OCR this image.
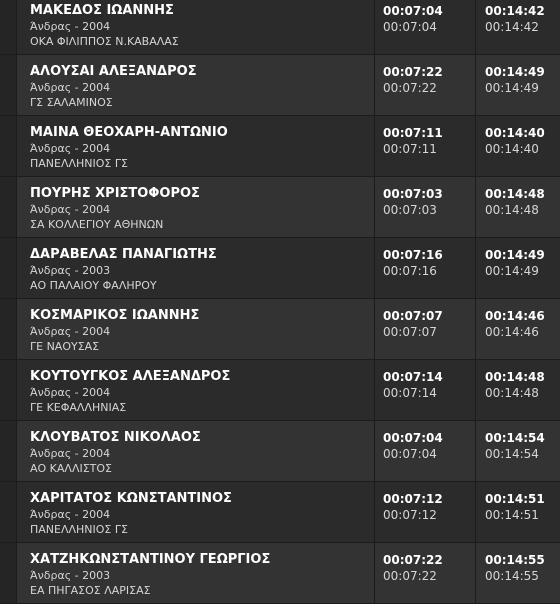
ΜΑΚΕΔΟΣ ΙΩΑΝΝΗΣ
Άνδρας - 2004
ΟΚΑ ΦΙΛΙΠΠΟΣ Ν.ΚΑΒΑΛΑΣ
00:07:04
00:07:04
00:14:42
00:14:42
ΑΛΟΥΣΑΙ ΑΛΕΞΑΝΔΡΟΣ
Άνδρας - 2004
ΓΣ ΣΑΛΑΜΙΝΟΣ
00:07:22
00:07:22
00:14:49
00:14:49
ΜΑΙΝΑ ΘΕΟΧΑΡΗ-ΑΝΤΩΝΙΟ
Άνδρας - 2004
ΠΑΝΕΛΛΗΝΙΟΣ ΓΣ
00:07:11
00:07:11
00:14:40
00:14:40
ΠΟΥΡΗΣ ΧΡΙΣΤΟΦΟΡΟΣ
Άνδρας - 2004
ΣΑ ΚΟΛΛΕΓΙΟΥ ΑΘΗΝΩΝ
00:07:03
00:07:03
00:14:48
00:14:48
ΔΑΡΑΒΕΛΑΣ ΠΑΝΑΓΙΩΤΗΣ
Άνδρας - 2003
ΑΟ ΠΑΛΑΙΟΥ ΦΑΛΗΡΟΥ
00:07:16
00:07:16
00:14:49
00:14:49
ΚΟΣΜΑΡΙΚΟΣ ΙΩΑΝΝΗΣ
Άνδρας - 2004
ΓΕ ΝΑΟΥΣΑΣ
00:07:07
00:07:07
00:14:46
00:14:46
ΚΟΥΤΟΥΓΚΟΣ ΑΛΕΞΑΝΔΡΟΣ
Άνδρας - 2004
ΓΕ ΚΕΦΑΛΛΗΝΙΑΣ
00:07:14
00:07:14
00:14:48
00:14:48
ΚΛΟΥΒΑΤΟΣ ΝΙΚΟΛΑΟΣ
Άνδρας - 2004
ΑΟ ΚΑΛΛΙΣΤΟΣ
00:07:04
00:07:04
00:14:54
00:14:54
ΧΑΡΙΤΑΤΟΣ ΚΩΝΣΤΑΝΤΙΝΟΣ
Άνδρας - 2004
ΠΑΝΕΛΛΗΝΙΟΣ ΓΣ
00:07:12
00:07:12
00:14:51
00:14:51
ΧΑΤΖΗΚΩΝΣΤΑΝΤΙΝΟΥ ΓΕΩΡΓΙΟΣ
Άνδρας - 2003
ΕΑ ΠΗΓΑΣΟΣ ΛΑΡΙΣΑΣ
00:07:22
00:07:22
00:14:55
00:14:55
